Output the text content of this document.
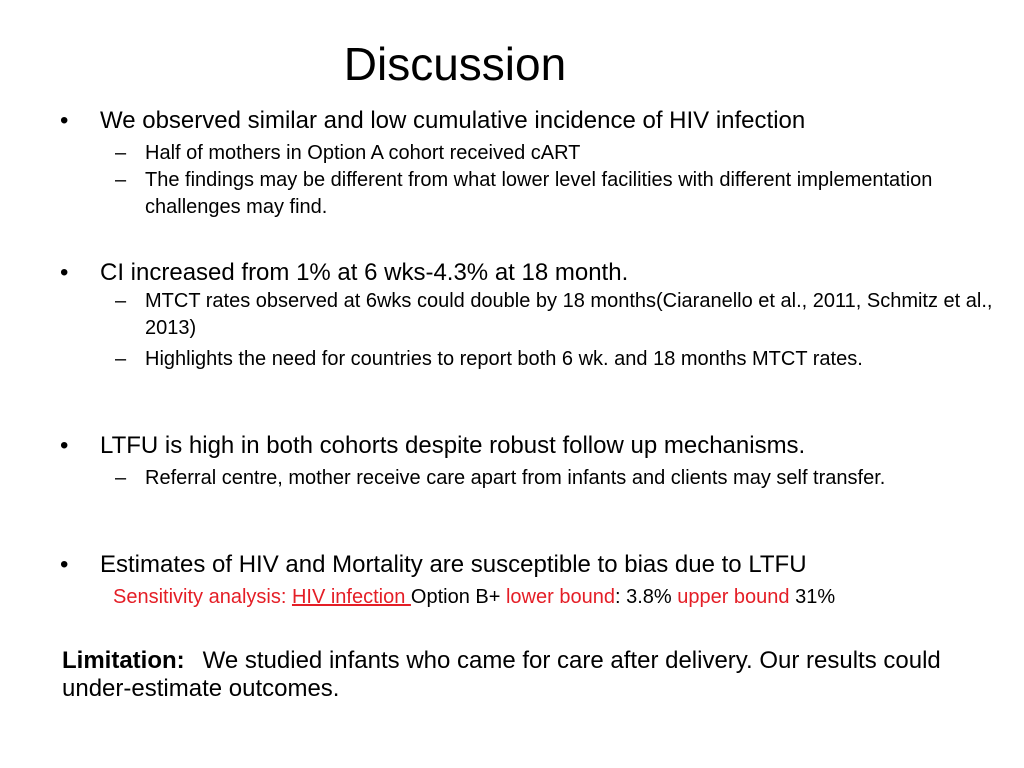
Discussion
• We observed similar and low cumulative incidence of HIV infection
– Half of mothers in Option A cohort received cART
– The findings may be different from what lower level facilities with different implementation challenges may find.
• CI increased from 1% at 6 wks-4.3% at 18 month.
– MTCT rates observed at 6wks could double by 18 months(Ciaranello et al., 2011, Schmitz et al., 2013)
– Highlights the need for countries to report both 6 wk. and 18 months MTCT rates.
• LTFU is high in both cohorts despite robust follow up mechanisms.
– Referral centre, mother receive care apart from infants and clients may self transfer.
• Estimates of HIV and Mortality are susceptible to bias due to LTFU
Sensitivity analysis: HIV infection Option B+ lower bound: 3.8% upper bound 31%
Limitation: We studied infants who came for care after delivery. Our results could under-estimate outcomes.
